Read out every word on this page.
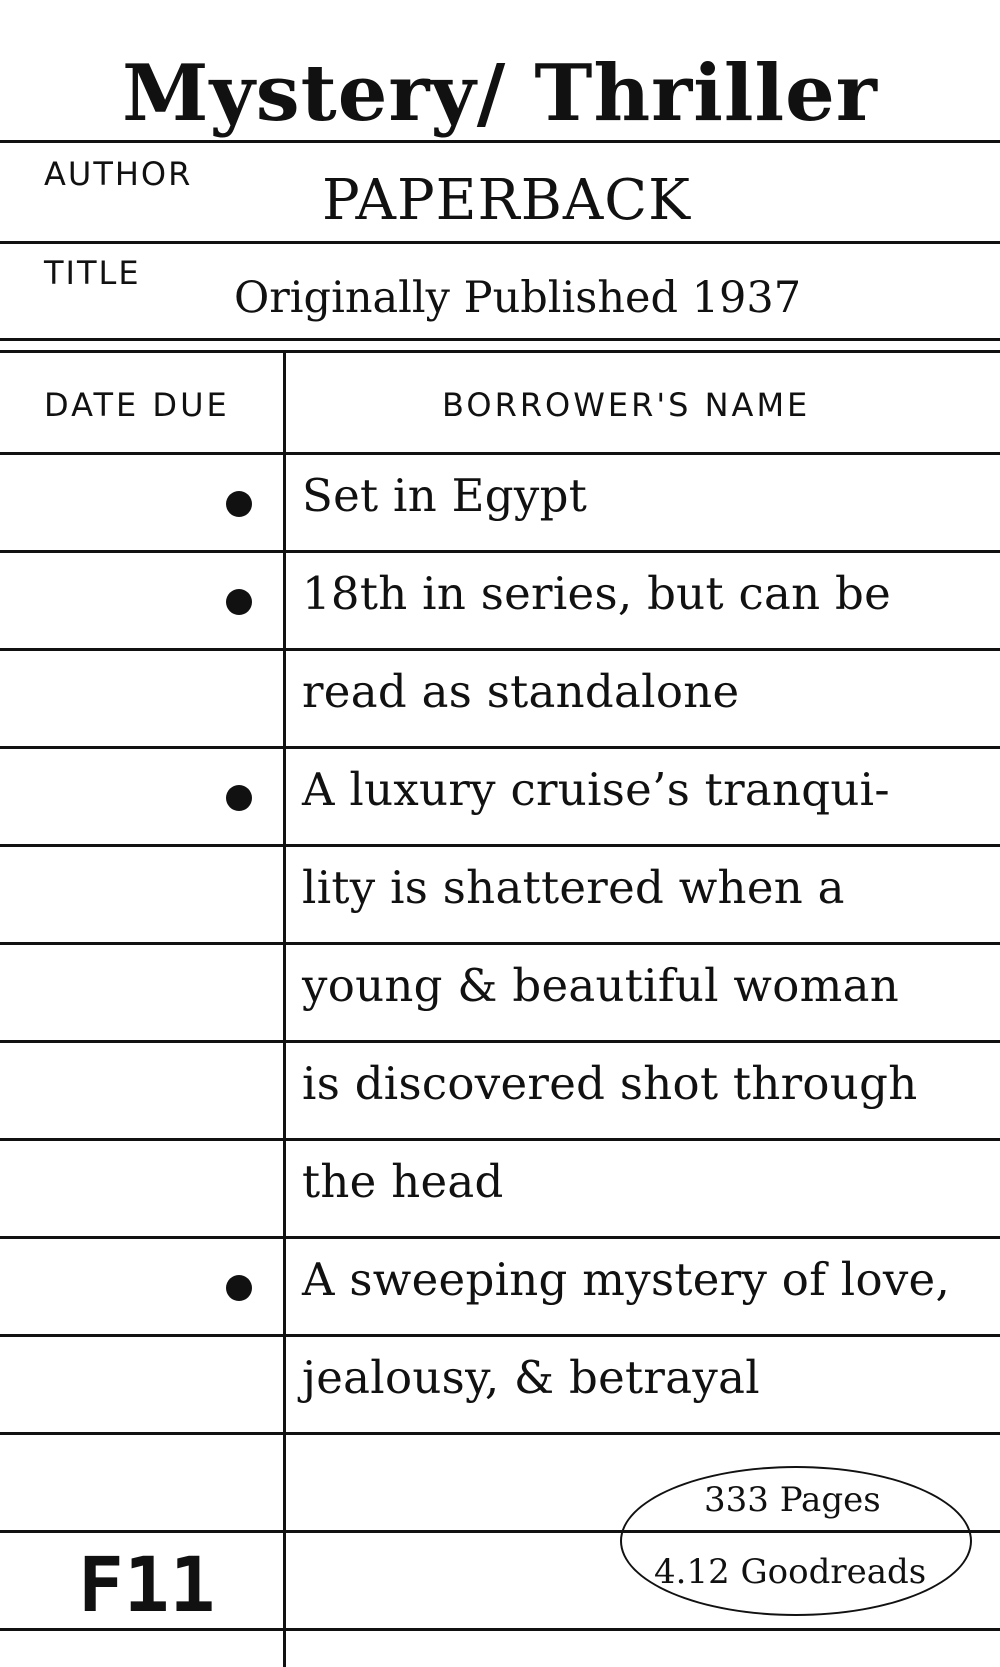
Mystery/ Thriller
AUTHOR PAPERBACK
TITLE Originally Published 1937
DATE DUE	BORROWER'S NAME
Set in Egypt
18th in series, but can be
read as standalone
A luxury cruise’s tranqui-
lity is shattered when a
young & beautiful woman
is discovered shot through
the head
A sweeping mystery of love,
jealousy, & betrayal
F11
333 Pages
4.12 Goodreads
